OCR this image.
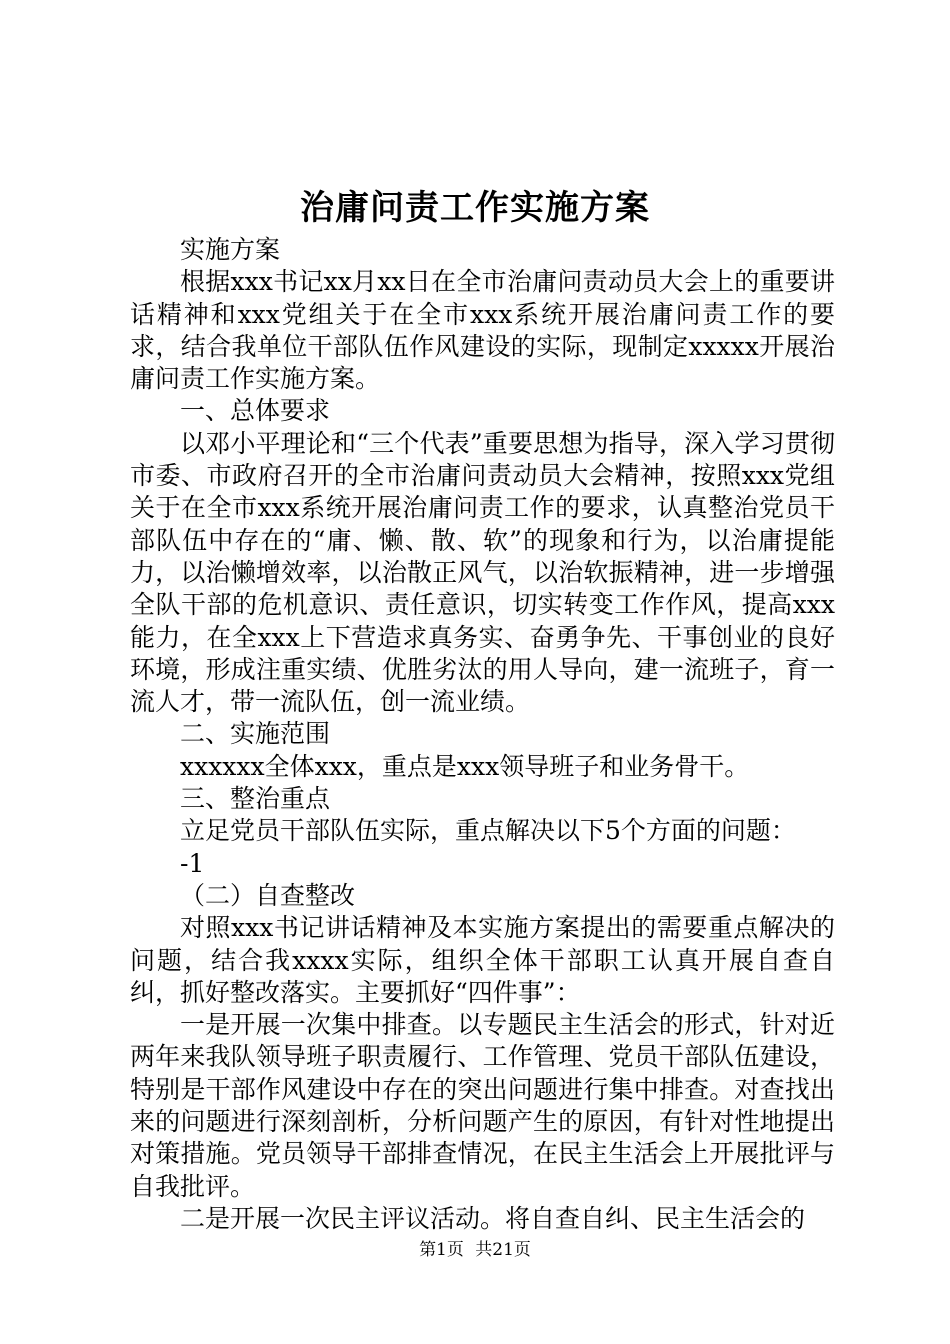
治庸问责工作实施方案

实施方案

根据xxx书记xx月xx日在全市治庸问责动员大会上的重要讲话精神和xxx党组关于在全市xxx系统开展治庸问责工作的要求，结合我单位干部队伍作风建设的实际，现制定xxxxx开展治庸问责工作实施方案。

一、总体要求

以邓小平理论和“三个代表”重要思想为指导，深入学习贯彻市委、市政府召开的全市治庸问责动员大会精神，按照xxx党组关于在全市xxx系统开展治庸问责工作的要求，认真整治党员干部队伍中存在的“庸、懒、散、软”的现象和行为，以治庸提能力，以治懒增效率，以治散正风气，以治软振精神，进一步增强全队干部的危机意识、责任意识，切实转变工作作风，提高xxx能力，在全xxx上下营造求真务实、奋勇争先、干事创业的良好环境，形成注重实绩、优胜劣汰的用人导向，建一流班子，育一流人才，带一流队伍，创一流业绩。

二、实施范围

xxxxxx全体xxx，重点是xxx领导班子和业务骨干。

三、整治重点

立足党员干部队伍实际，重点解决以下5个方面的问题：

-1

（二）自查整改

对照xxx书记讲话精神及本实施方案提出的需要重点解决的问题，结合我xxxx实际，组织全体干部职工认真开展自查自纠，抓好整改落实。主要抓好“四件事”：

一是开展一次集中排查。以专题民主生活会的形式，针对近两年来我队领导班子职责履行、工作管理、党员干部队伍建设，特别是干部作风建设中存在的突出问题进行集中排查。对查找出来的问题进行深刻剖析，分析问题产生的原因，有针对性地提出对策措施。党员领导干部排查情况，在民主生活会上开展批评与自我批评。

二是开展一次民主评议活动。将自查自纠、民主生活会的

第1页 共21页
